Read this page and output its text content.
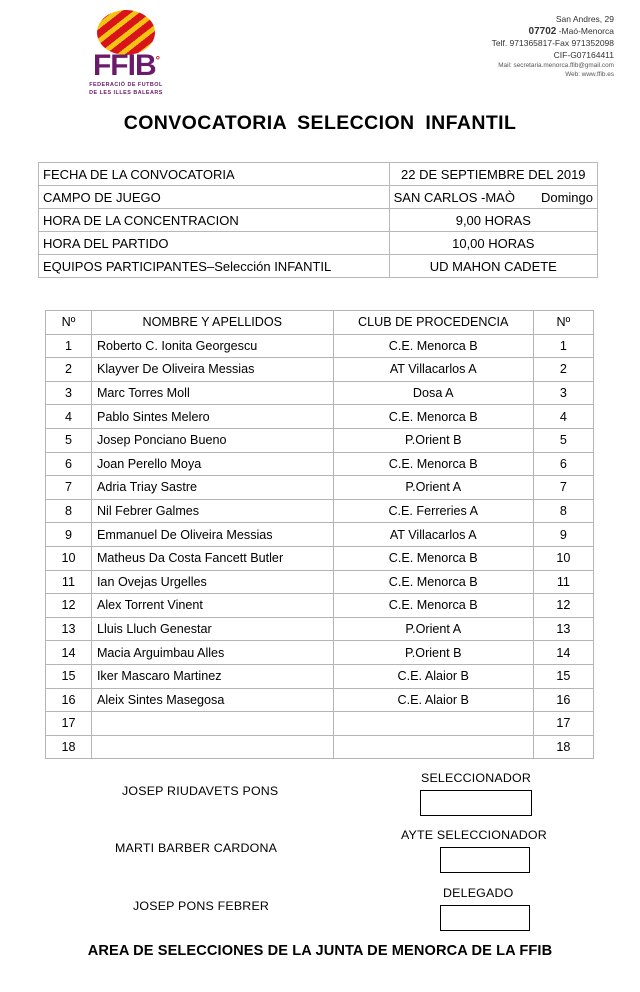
FFIB°
FEDERACIÓ DE FUTBOL
DE LES ILLES BALEARS
San Andres, 29
07702 -Maó-Menorca
Telf. 971365817-Fax 971352098
CIF-G07164411
Mail: secretaria.menorca.ffib@gmail.com
Web: www.ffib.es
CONVOCATORIA SELECCION INFANTIL
FECHA DE LA CONVOCATORIA	22 DE SEPTIEMBRE DEL 2019
CAMPO DE JUEGO	SAN CARLOS -MAÒ Domingo
HORA DE LA CONCENTRACION	9,00 HORAS
HORA DEL PARTIDO	10,00 HORAS
EQUIPOS PARTICIPANTES–Selección INFANTIL	UD MAHON CADETE
Nº	NOMBRE Y APELLIDOS	CLUB DE PROCEDENCIA	Nº
1	Roberto C. Ionita Georgescu	C.E. Menorca B	1
2	Klayver De Oliveira Messias	AT Villacarlos A	2
3	Marc Torres Moll	Dosa A	3
4	Pablo Sintes Melero	C.E. Menorca B	4
5	Josep Ponciano Bueno	P.Orient B	5
6	Joan Perello Moya	C.E. Menorca B	6
7	Adria Triay Sastre	P.Orient A	7
8	Nil Febrer Galmes	C.E. Ferreries A	8
9	Emmanuel De Oliveira Messias	AT Villacarlos A	9
10	Matheus Da Costa Fancett Butler	C.E. Menorca B	10
11	Ian Ovejas Urgelles	C.E. Menorca B	11
12	Alex Torrent Vinent	C.E. Menorca B	12
13	Lluis Lluch Genestar	P.Orient A	13
14	Macia Arguimbau Alles	P.Orient B	14
15	Iker Mascaro Martinez	C.E. Alaior B	15
16	Aleix Sintes Masegosa	C.E. Alaior B	16
17			17
18			18
JOSEP RIUDAVETS PONS
SELECCIONADOR
MARTI BARBER CARDONA
AYTE SELECCIONADOR
JOSEP PONS FEBRER
DELEGADO
AREA DE SELECCIONES DE LA JUNTA DE MENORCA DE LA FFIB
